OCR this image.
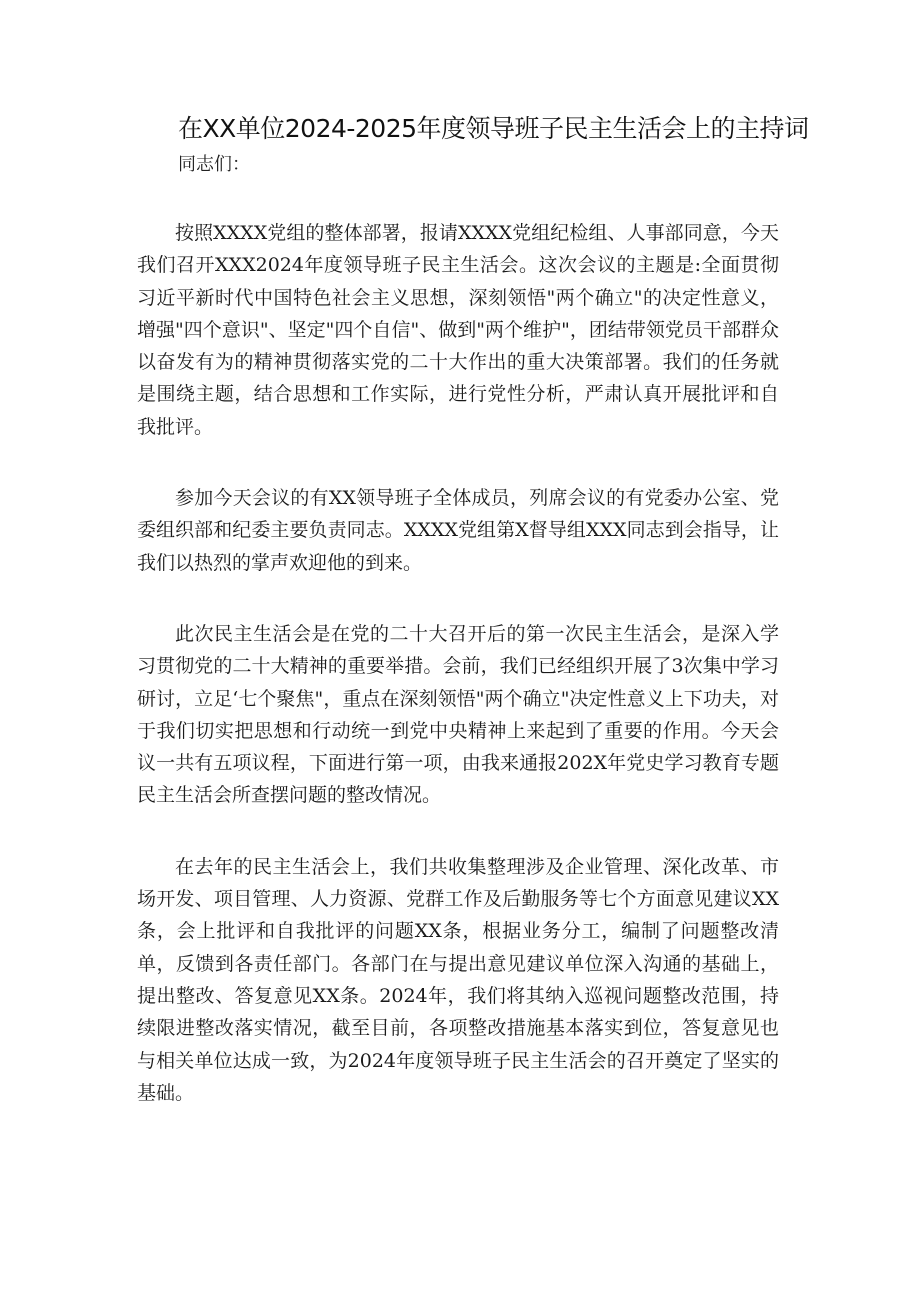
在XX单位2024-2025年度领导班子民主生活会上的主持词
同志们：

按照XXXX党组的整体部署，报请XXXX党组纪检组、人事部同意，今天我们召开XXX2024年度领导班子民主生活会。这次会议的主题是:全面贯彻习近平新时代中国特色社会主义思想，深刻领悟"两个确立"的决定性意义，增强"四个意识"、坚定"四个自信"、做到"两个维护"，团结带领党员干部群众以奋发有为的精神贯彻落实党的二十大作出的重大决策部署。我们的任务就是围绕主题，结合思想和工作实际，进行党性分析，严肃认真开展批评和自我批评。

参加今天会议的有XX领导班子全体成员，列席会议的有党委办公室、党委组织部和纪委主要负责同志。XXXX党组第X督导组XXX同志到会指导，让我们以热烈的掌声欢迎他的到来。

此次民主生活会是在党的二十大召开后的第一次民主生活会，是深入学习贯彻党的二十大精神的重要举措。会前，我们已经组织开展了3次集中学习研讨，立足‘七个聚焦"，重点在深刻领悟"两个确立"决定性意义上下功夫，对于我们切实把思想和行动统一到党中央精神上来起到了重要的作用。今天会议一共有五项议程，下面进行第一项，由我来通报202X年党史学习教育专题民主生活会所查摆问题的整改情况。

在去年的民主生活会上，我们共收集整理涉及企业管理、深化改革、市场开发、项目管理、人力资源、党群工作及后勤服务等七个方面意见建议XX条，会上批评和自我批评的问题XX条，根据业务分工，编制了问题整改清单，反馈到各责任部门。各部门在与提出意见建议单位深入沟通的基础上，提出整改、答复意见XX条。2024年，我们将其纳入巡视问题整改范围，持续限进整改落实情况，截至目前，各项整改措施基本落实到位，答复意见也与相关单位达成一致，为2024年度领导班子民主生活会的召开奠定了坚实的基础。
